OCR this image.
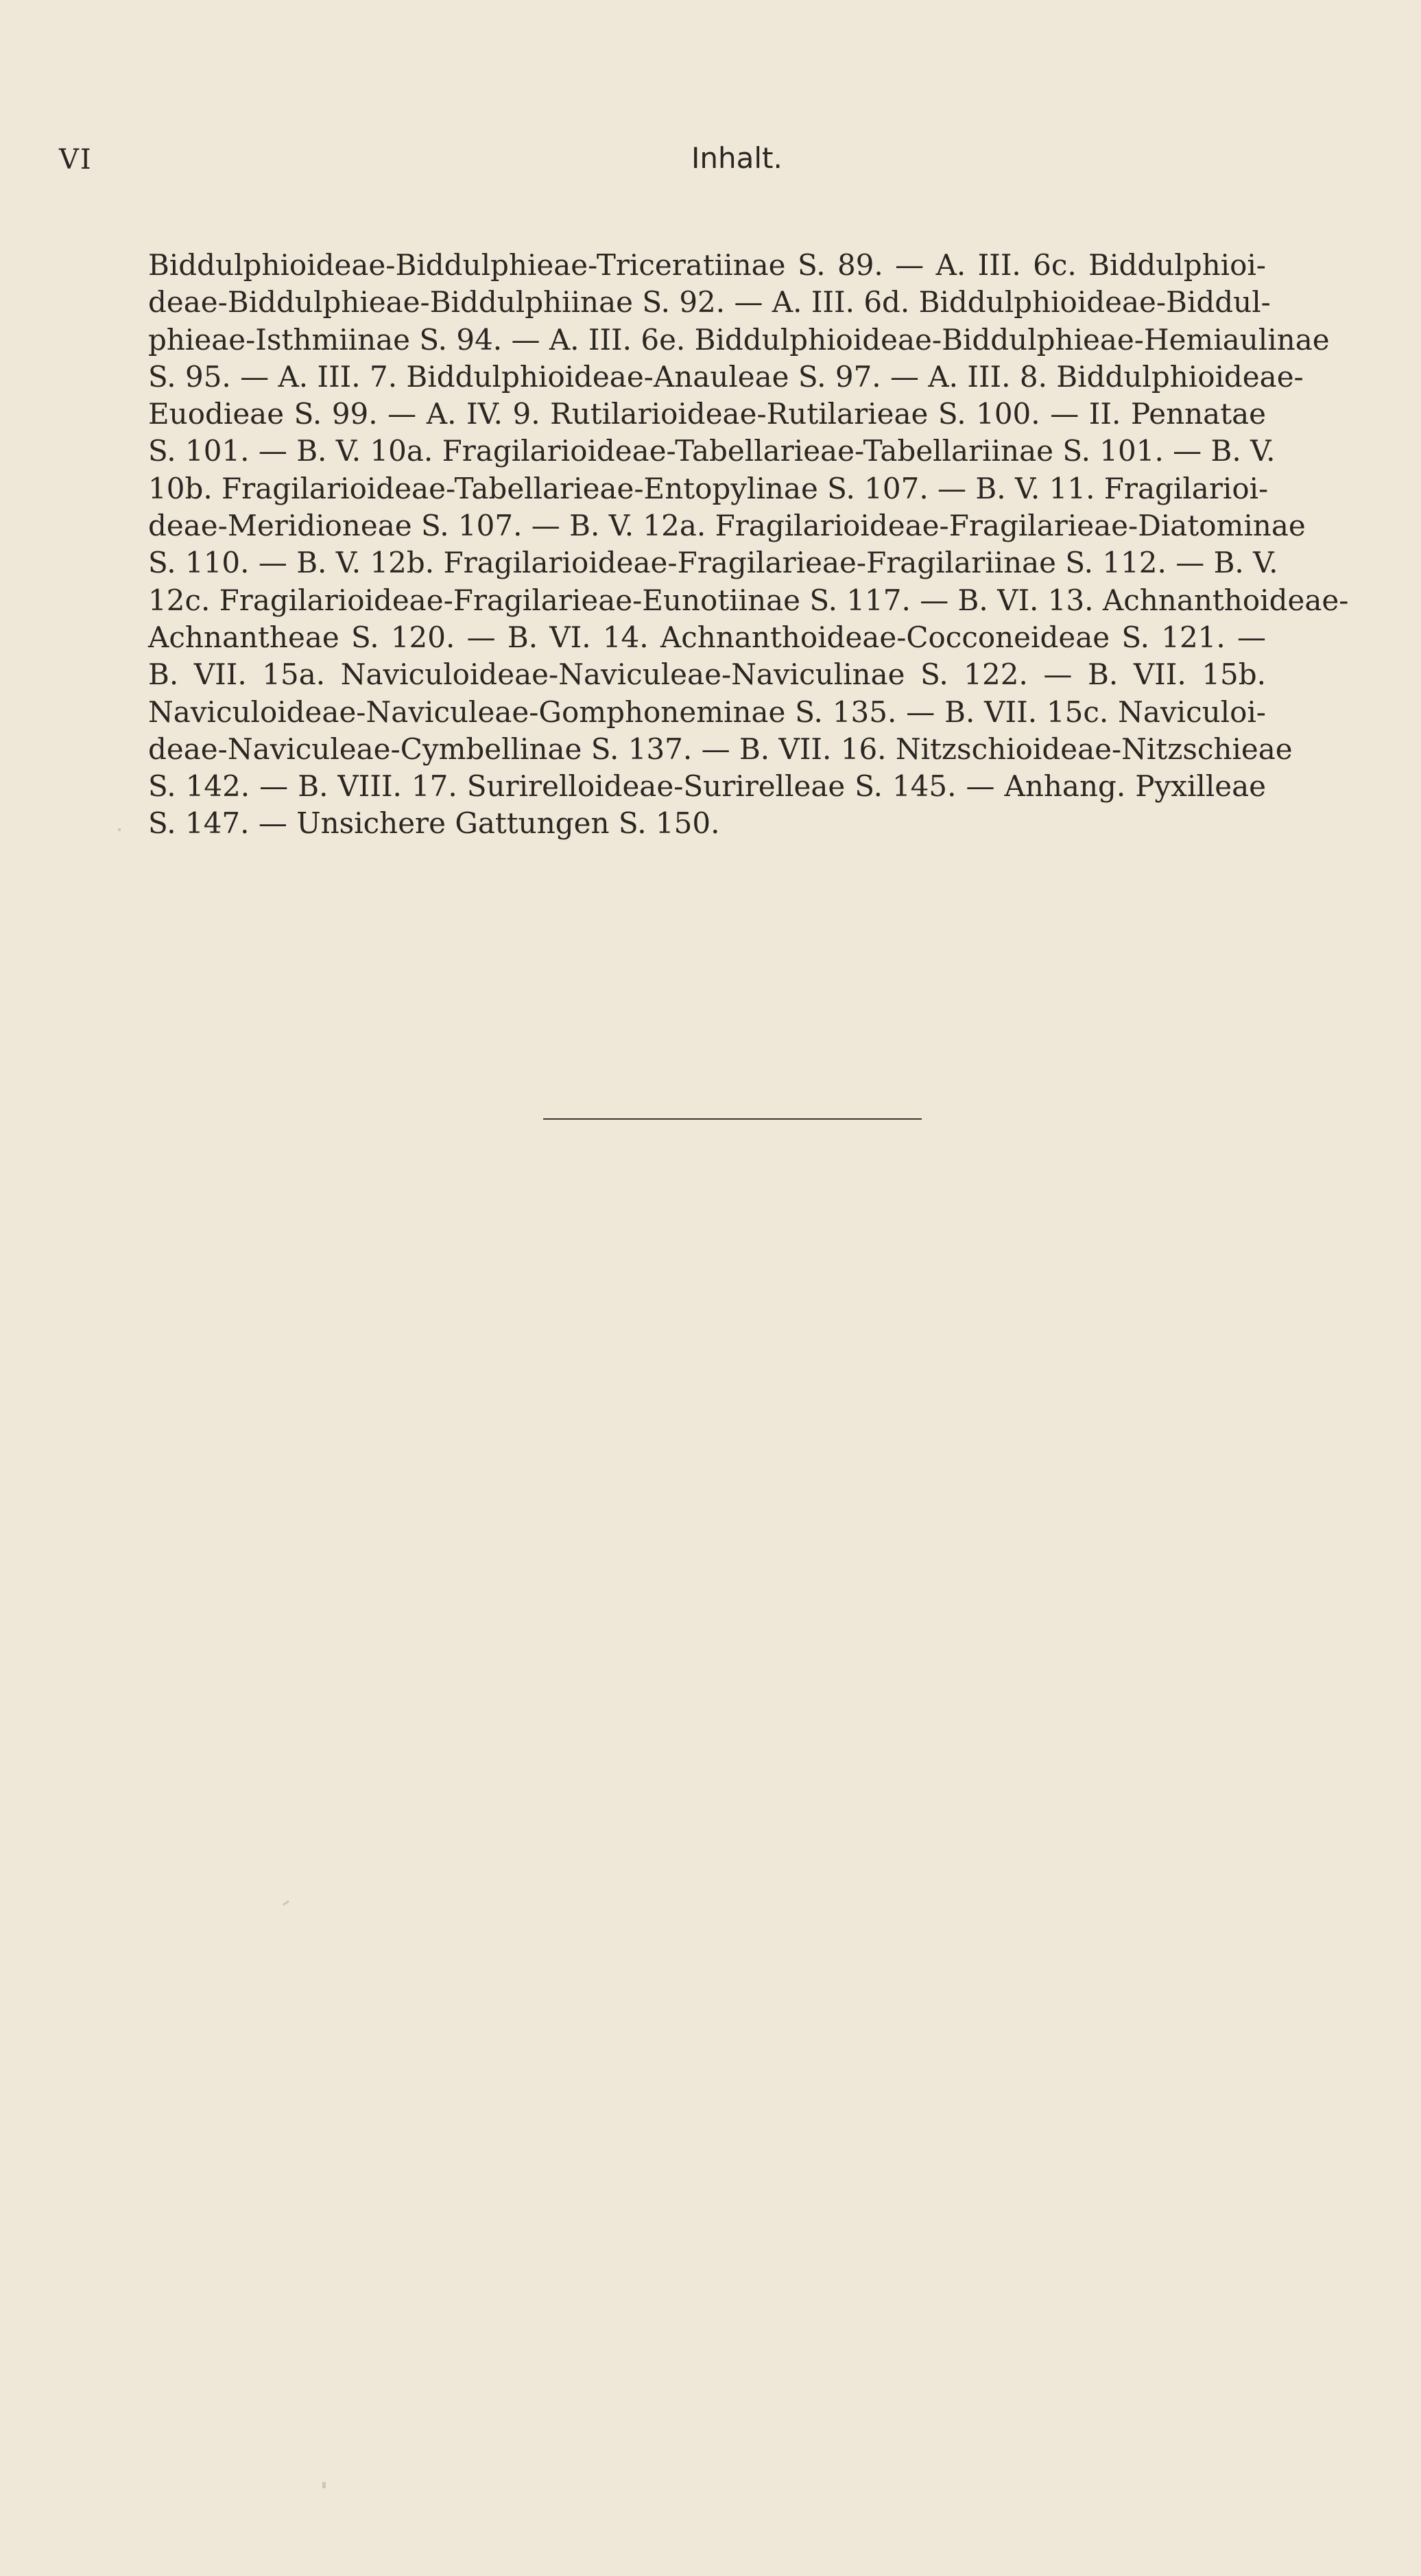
VI	Inhalt.
Biddulphioideae-Biddulphieae-Triceratiinae S. 89. — A. III. 6c. Biddulphioi-
deae-Biddulphieae-Biddulphiinae S. 92. — A. III. 6d. Biddulphioideae-Biddul-
phieae-Isthmiinae S. 94. — A. III. 6e. Biddulphioideae-Biddulphieae-Hemiaulinae
S. 95. — A. III. 7. Biddulphioideae-Anauleae S. 97. — A. III. 8. Biddulphioideae-
Euodieae S. 99. — A. IV. 9. Rutilarioideae-Rutilarieae S. 100. — II. Pennatae
S. 101. — B. V. 10a. Fragilarioideae-Tabellarieae-Tabellariinae S. 101. — B. V.
10b. Fragilarioideae-Tabellarieae-Entopylinae S. 107. — B. V. 11. Fragilarioi-
deae-Meridioneae S. 107. — B. V. 12a. Fragilarioideae-Fragilarieae-Diatominae
S. 110. — B. V. 12b. Fragilarioideae-Fragilarieae-Fragilariinae S. 112. — B. V.
12c. Fragilarioideae-Fragilarieae-Eunotiinae S. 117. — B. VI. 13. Achnanthoideae-
Achnantheae S. 120. — B. VI. 14. Achnanthoideae-Cocconeideae S. 121. —
B. VII. 15a. Naviculoideae-Naviculeae-Naviculinae S. 122. — B. VII. 15b.
Naviculoideae-Naviculeae-Gomphoneminae S. 135. — B. VII. 15c. Naviculoi-
deae-Naviculeae-Cymbellinae S. 137. — B. VII. 16. Nitzschioideae-Nitzschieae
S. 142. — B. VIII. 17. Surirelloideae-Surirelleae S. 145. — Anhang. Pyxilleae
S. 147. — Unsichere Gattungen S. 150.
